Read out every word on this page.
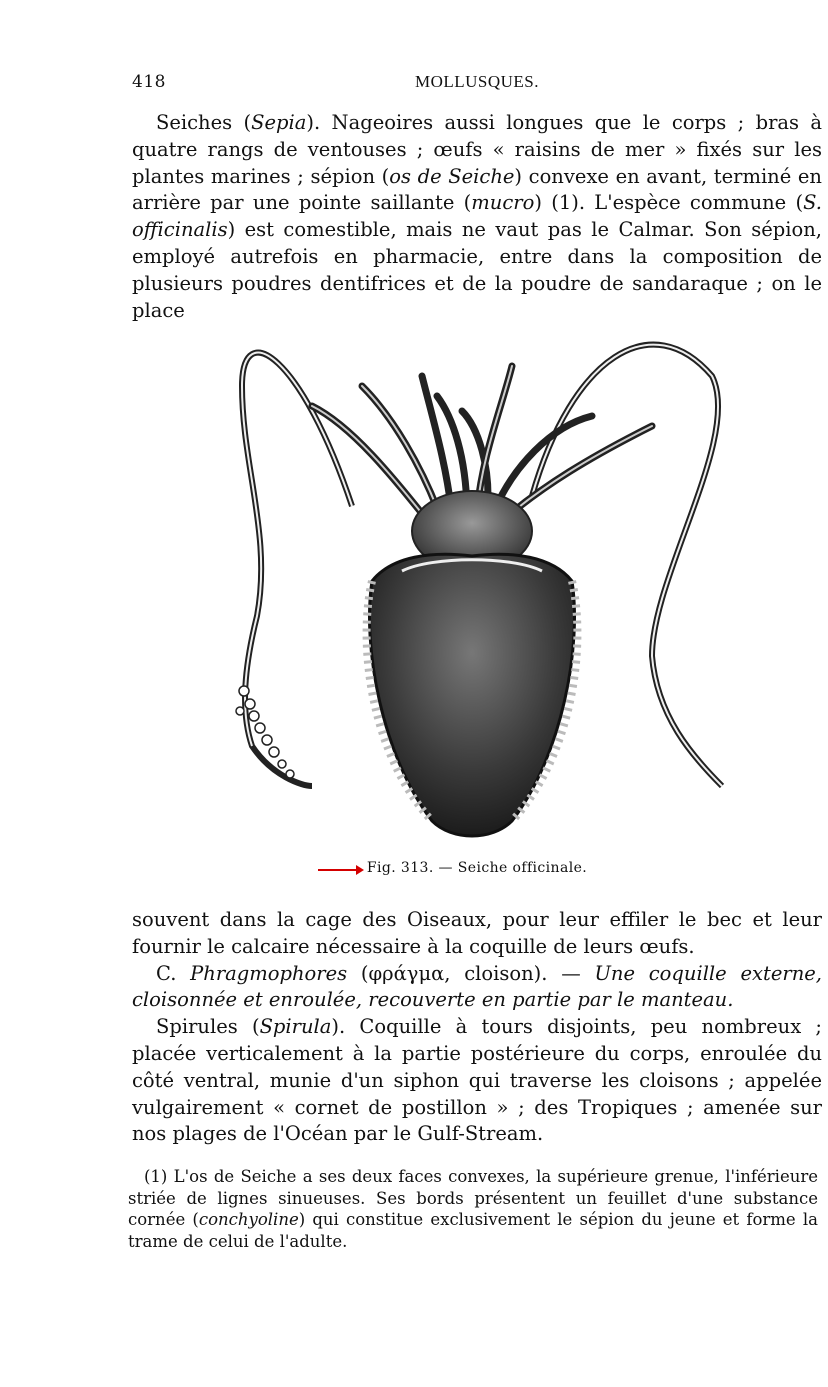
418	MOLLUSQUES.

Seiches (Sepia). Nageoires aussi longues que le corps ; bras à quatre rangs de ventouses ; œufs « raisins de mer » fixés sur les plantes marines ; sépion (os de Seiche) convexe en avant, terminé en arrière par une pointe saillante (mucro) (1). L'espèce commune (S. officinalis) est comestible, mais ne vaut pas le Calmar. Son sépion, employé autrefois en pharmacie, entre dans la composition de plusieurs poudres dentifrices et de la poudre de sandaraque ; on le place

Fig. 313. — Seiche officinale.

souvent dans la cage des Oiseaux, pour leur effiler le bec et leur fournir le calcaire nécessaire à la coquille de leurs œufs.

C. Phragmophores (φράγμα, cloison). — Une coquille externe, cloisonnée et enroulée, recouverte en partie par le manteau.

Spirules (Spirula). Coquille à tours disjoints, peu nombreux ; placée verticalement à la partie postérieure du corps, enroulée du côté ventral, munie d'un siphon qui traverse les cloisons ; appelée vulgairement « cornet de postillon » ; des Tropiques ; amenée sur nos plages de l'Océan par le Gulf-Stream.

(1) L'os de Seiche a ses deux faces convexes, la supérieure grenue, l'inférieure striée de lignes sinueuses. Ses bords présentent un feuillet d'une substance cornée (conchyoline) qui constitue exclusivement le sépion du jeune et forme la trame de celui de l'adulte.
